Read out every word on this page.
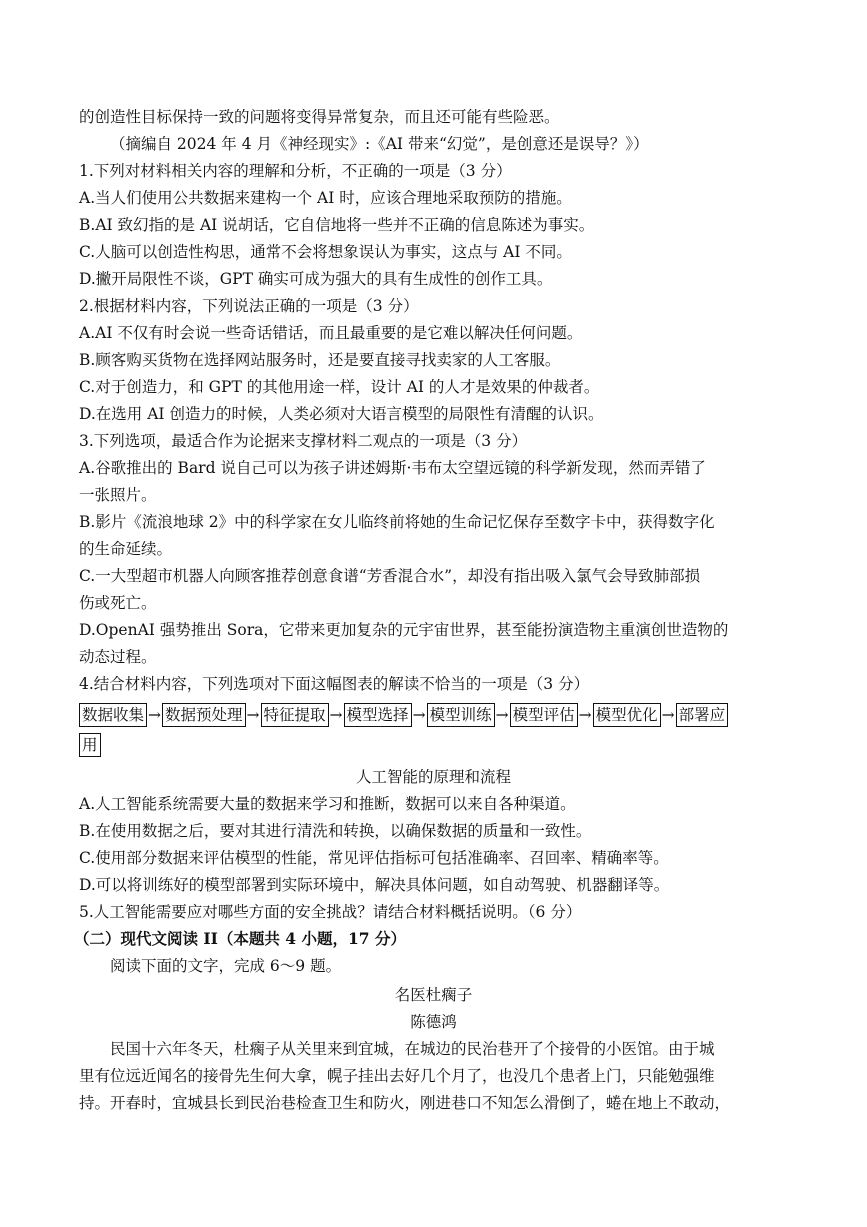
的创造性目标保持一致的问题将变得异常复杂，而且还可能有些险恶。
（摘编自 2024 年 4 月《神经现实》:《AI 带来“幻觉”，是创意还是误导？》）
1.下列对材料相关内容的理解和分析，不正确的一项是（3 分）
A.当人们使用公共数据来建构一个 AI 时，应该合理地采取预防的措施。
B.AI 致幻指的是 AI 说胡话，它自信地将一些并不正确的信息陈述为事实。
C.人脑可以创造性构思，通常不会将想象误认为事实，这点与 AI 不同。
D.撇开局限性不谈，GPT 确实可成为强大的具有生成性的创作工具。
2.根据材料内容，下列说法正确的一项是（3 分）
A.AI 不仅有时会说一些奇话错话，而且最重要的是它难以解决任何问题。
B.顾客购买货物在选择网站服务时，还是要直接寻找卖家的人工客服。
C.对于创造力，和 GPT 的其他用途一样，设计 AI 的人才是效果的仲裁者。
D.在选用 AI 创造力的时候，人类必须对大语言模型的局限性有清醒的认识。
3.下列选项，最适合作为论据来支撑材料二观点的一项是（3 分）
A.谷歌推出的 Bard 说自己可以为孩子讲述姆斯·韦布太空望远镜的科学新发现，然而弄错了
一张照片。
B.影片《流浪地球 2》中的科学家在女儿临终前将她的生命记忆保存至数字卡中，获得数字化
的生命延续。
C.一大型超市机器人向顾客推荐创意食谱“芳香混合水”，却没有指出吸入氯气会导致肺部损
伤或死亡。
D.OpenAI 强势推出 Sora，它带来更加复杂的元宇宙世界，甚至能扮演造物主重演创世造物的
动态过程。
4.结合材料内容，下列选项对下面这幅图表的解读不恰当的一项是（3 分）
数据收集 → 数据预处理 → 特征提取 → 模型选择 → 模型训练 → 模型评估 → 模型优化 → 部署应
用
人工智能的原理和流程
A.人工智能系统需要大量的数据来学习和推断，数据可以来自各种渠道。
B.在使用数据之后，要对其进行清洗和转换，以确保数据的质量和一致性。
C.使用部分数据来评估模型的性能，常见评估指标可包括准确率、召回率、精确率等。
D.可以将训练好的模型部署到实际环境中，解决具体问题，如自动驾驶、机器翻译等。
5.人工智能需要应对哪些方面的安全挑战？请结合材料概括说明。（6 分）
（二）现代文阅读 II（本题共 4 小题，17 分）
阅读下面的文字，完成 6～9 题。
名医杜瘸子
陈德鸿
民国十六年冬天，杜瘸子从关里来到宜城，在城边的民治巷开了个接骨的小医馆。由于城
里有位远近闻名的接骨先生何大拿，幌子挂出去好几个月了，也没几个患者上门，只能勉强维
持。开春时，宜城县长到民治巷检查卫生和防火，刚进巷口不知怎么滑倒了，蜷在地上不敢动，
